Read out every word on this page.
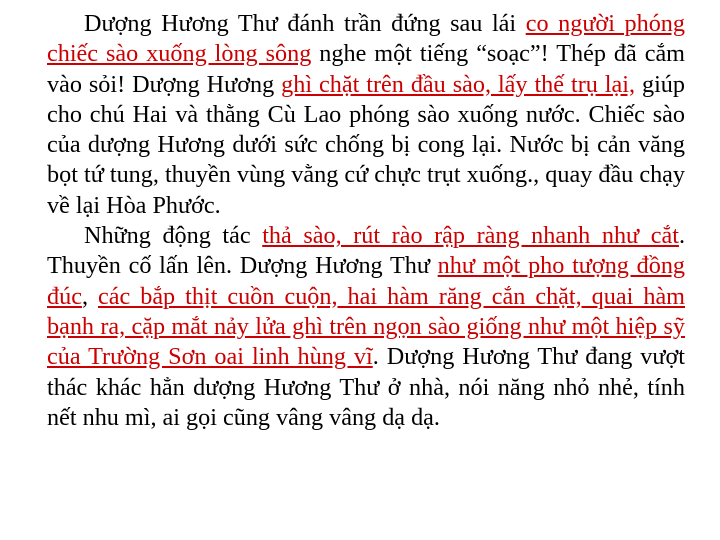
Dượng Hương Thư đánh trần đứng sau lái co người phóng chiếc sào xuống lòng sông nghe một tiếng “soạc”! Thép đã cắm vào sỏi! Dượng Hương ghì chặt trên đầu sào, lấy thế trụ lại, giúp cho chú Hai và thằng Cù Lao phóng sào xuống nước. Chiếc sào của dượng Hương dưới sức chống bị cong lại. Nước bị cản văng bọt tứ tung, thuyền vùng vằng cứ chực trụt xuống., quay đầu chạy về lại Hòa Phước.

Những động tác thả sào, rút rào rập ràng nhanh như cắt. Thuyền cố lấn lên. Dượng Hương Thư như một pho tượng đồng đúc, các bắp thịt cuồn cuộn, hai hàm răng cắn chặt, quai hàm bạnh ra, cặp mắt nảy lửa ghì trên ngọn sào giống như một hiệp sỹ của Trường Sơn oai linh hùng vĩ. Dượng Hương Thư đang vượt thác khác hẳn dượng Hương Thư ở nhà, nói năng nhỏ nhẻ, tính nết nhu mì, ai gọi cũng vâng vâng dạ dạ.
